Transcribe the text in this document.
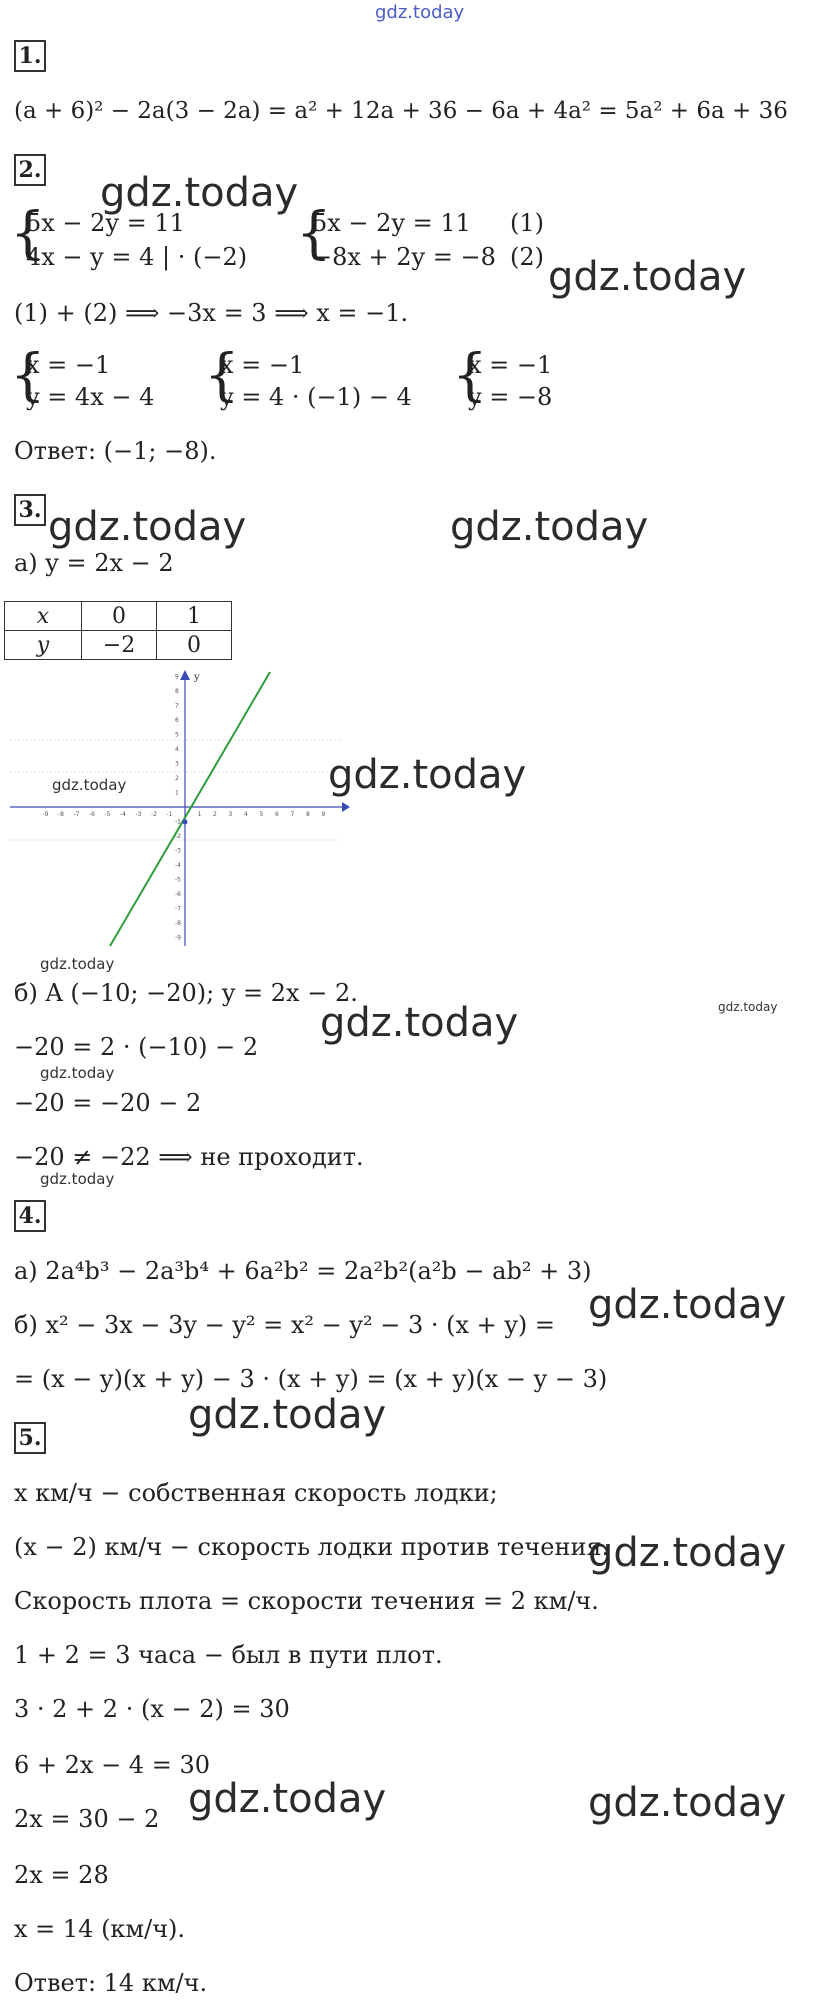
gdz.today
1.
(a + 6)² − 2a(3 − 2a) = a² + 12a + 36 − 6a + 4a² = 5a² + 6a + 36
2. gdz.today
{
5x − 2y = 11
4x − y = 4 | · (−2) {
5x − 2y = 11
−8x + 2y = −8
(1)
(2) gdz.today
(1) + (2) ⟹ −3x = 3 ⟹ x = −1.
{
x = −1
y = 4x − 4 {
x = −1
y = 4 · (−1) − 4 {
x = −1
y = −8
Ответ: (−1; −8).
3. gdz.today	gdz.today
а) y = 2x − 2
x	0	1
y	−2	0
y
-9
-9
-8
-8
-7
-7
-6
-6
-5
-5
-4
-4
-3
-3
-2
-2
-1
-1
1
1
2
2
3
3
4
4
5
5
6
6
7
7
8
8
9
9
gdz.today	gdz.today
gdz.today
б) A (−10; −20); y = 2x − 2.
gdz.today	gdz.today
−20 = 2 · (−10) − 2
gdz.today
−20 = −20 − 2
−20 ≠ −22 ⟹ не проходит.
gdz.today
4.
а) 2a⁴b³ − 2a³b⁴ + 6a²b² = 2a²b²(a²b − ab² + 3)
gdz.today
б) x² − 3x − 3y − y² = x² − y² − 3 · (x + y) =
= (x − y)(x + y) − 3 · (x + y) = (x + y)(x − y − 3)
gdz.today
5.
x км/ч − собственная скорость лодки;
(x − 2) км/ч − скорость лодки против течения.
gdz.today
Скорость плота = скорости течения = 2 км/ч.
1 + 2 = 3 часа − был в пути плот.
3 · 2 + 2 · (x − 2) = 30
6 + 2x − 4 = 30
gdz.today	gdz.today
2x = 30 − 2
2x = 28
x = 14 (км/ч).
Ответ: 14 км/ч.
